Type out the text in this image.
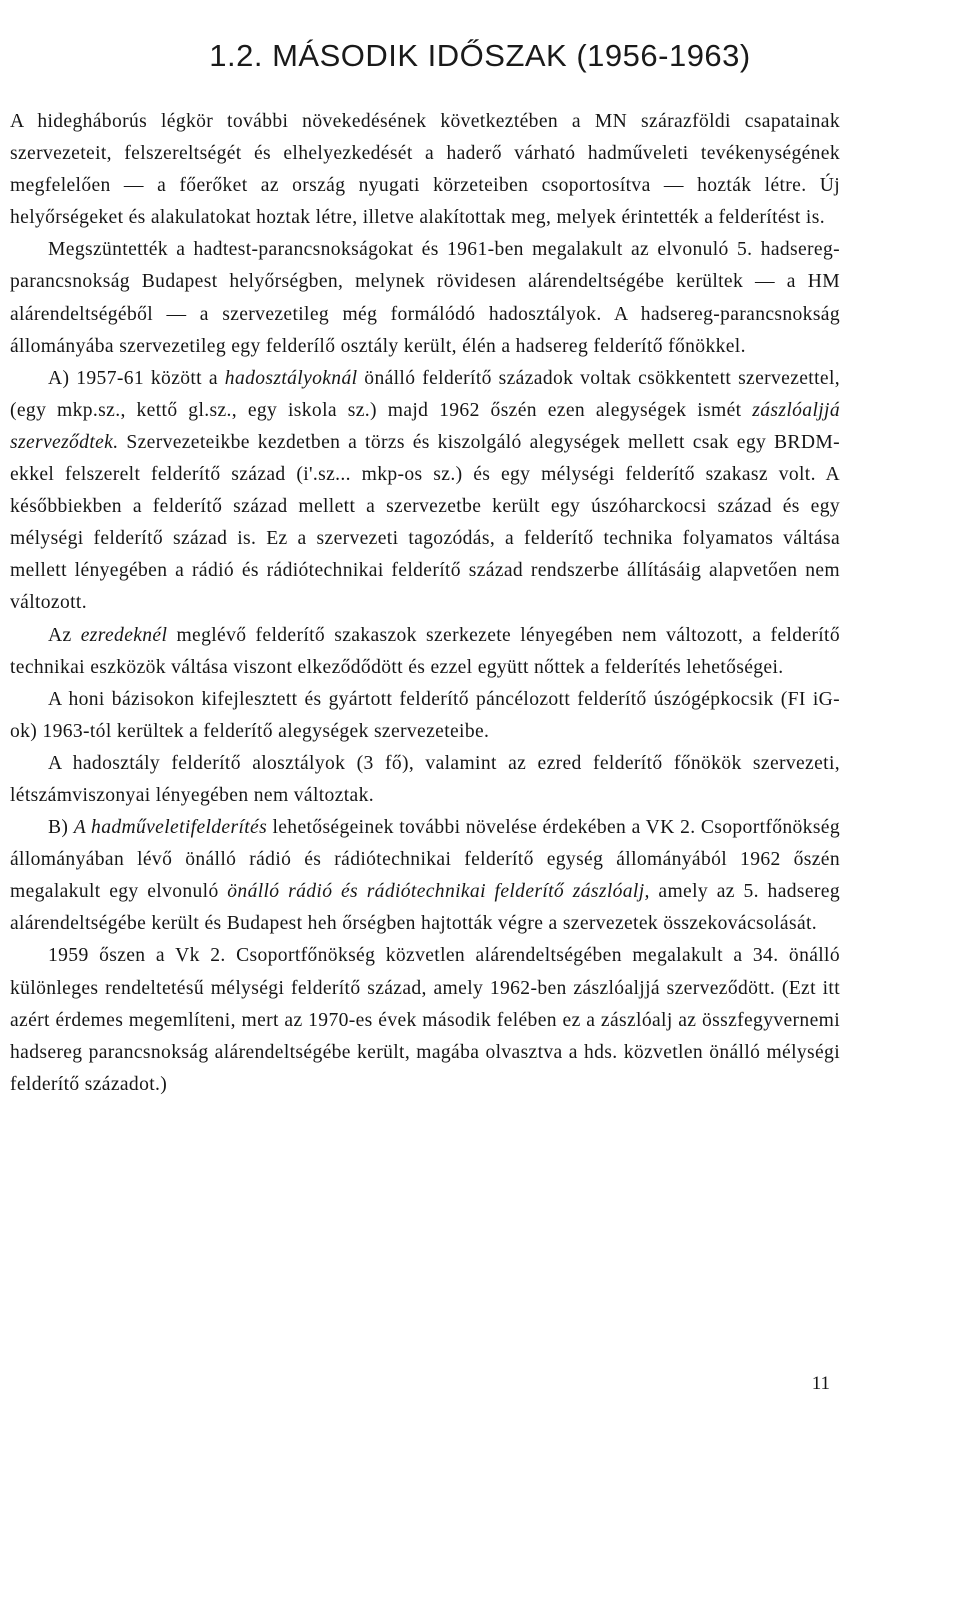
1.2. MÁSODIK IDŐSZAK (1956-1963)

A hidegháborús légkör további növekedésének következtében a MN szárazföldi csapatainak szervezeteit, felszereltségét és elhelyezkedését a haderő várható hadműveleti tevékenységének megfelelően — a főerőket az ország nyugati körzeteiben csoportosítva — hozták létre. Új helyőrségeket és alakulatokat hoztak létre, illetve alakítottak meg, melyek érintették a felderítést is.

Megszüntették a hadtest-parancsnokságokat és 1961-ben megalakult az elvonuló 5. hadsereg-parancsnokság Budapest helyőrségben, melynek rövidesen alárendeltségébe kerültek — a HM alárendeltségéből — a szervezetileg még formálódó hadosztályok. A hadsereg-parancsnokság állományába szervezetileg egy felderílő osztály került, élén a hadsereg felderítő főnökkel.

A) 1957-61 között a hadosztályoknál önálló felderítő századok voltak csökkentett szervezettel, (egy mkp.sz., kettő gl.sz., egy iskola sz.) majd 1962 őszén ezen alegységek ismét zászlóaljjá szerveződtek. Szervezeteikbe kezdetben a törzs és kiszolgáló alegységek mellett csak egy BRDM-ekkel felszerelt felderítő század (i'.sz... mkp-os sz.) és egy mélységi felderítő szakasz volt. A későbbiekben a felderítő század mellett a szervezetbe került egy úszóharckocsi század és egy mélységi felderítő század is. Ez a szervezeti tagozódás, a felderítő technika folyamatos váltása mellett lényegében a rádió és rádiótechnikai felderítő század rendszerbe állításáig alapvetően nem változott.

Az ezredeknél meglévő felderítő szakaszok szerkezete lényegében nem változott, a felderítő technikai eszközök váltása viszont elkeződődött és ezzel együtt nőttek a felderítés lehetőségei.

A honi bázisokon kifejlesztett és gyártott felderítő páncélozott felderítő úszógépkocsik (FI iG-ok) 1963-tól kerültek a felderítő alegységek szervezeteibe.

A hadosztály felderítő alosztályok (3 fő), valamint az ezred felderítő főnökök szervezeti, létszámviszonyai lényegében nem változtak.

B) A hadműveletifelderítés lehetőségeinek további növelése érdekében a VK 2. Csoportfőnökség állományában lévő önálló rádió és rádiótechnikai felderítő egység állományából 1962 őszén megalakult egy elvonuló önálló rádió és rádiótechnikai felderítő zászlóalj, amely az 5. hadsereg alárendeltségébe került és Budapest heh őrségben hajtották végre a szervezetek összekovácsolását.

1959 őszen a Vk 2. Csoportfőnökség közvetlen alárendeltségében megalakult a 34. önálló különleges rendeltetésű mélységi felderítő század, amely 1962-ben zászlóaljjá szerveződött. (Ezt itt azért érdemes megemlíteni, mert az 1970-es évek második felében ez a zászlóalj az összfegyvernemi hadsereg parancsnokság alárendeltségébe került, magába olvasztva a hds. közvetlen önálló mélységi felderítő századot.)

11
